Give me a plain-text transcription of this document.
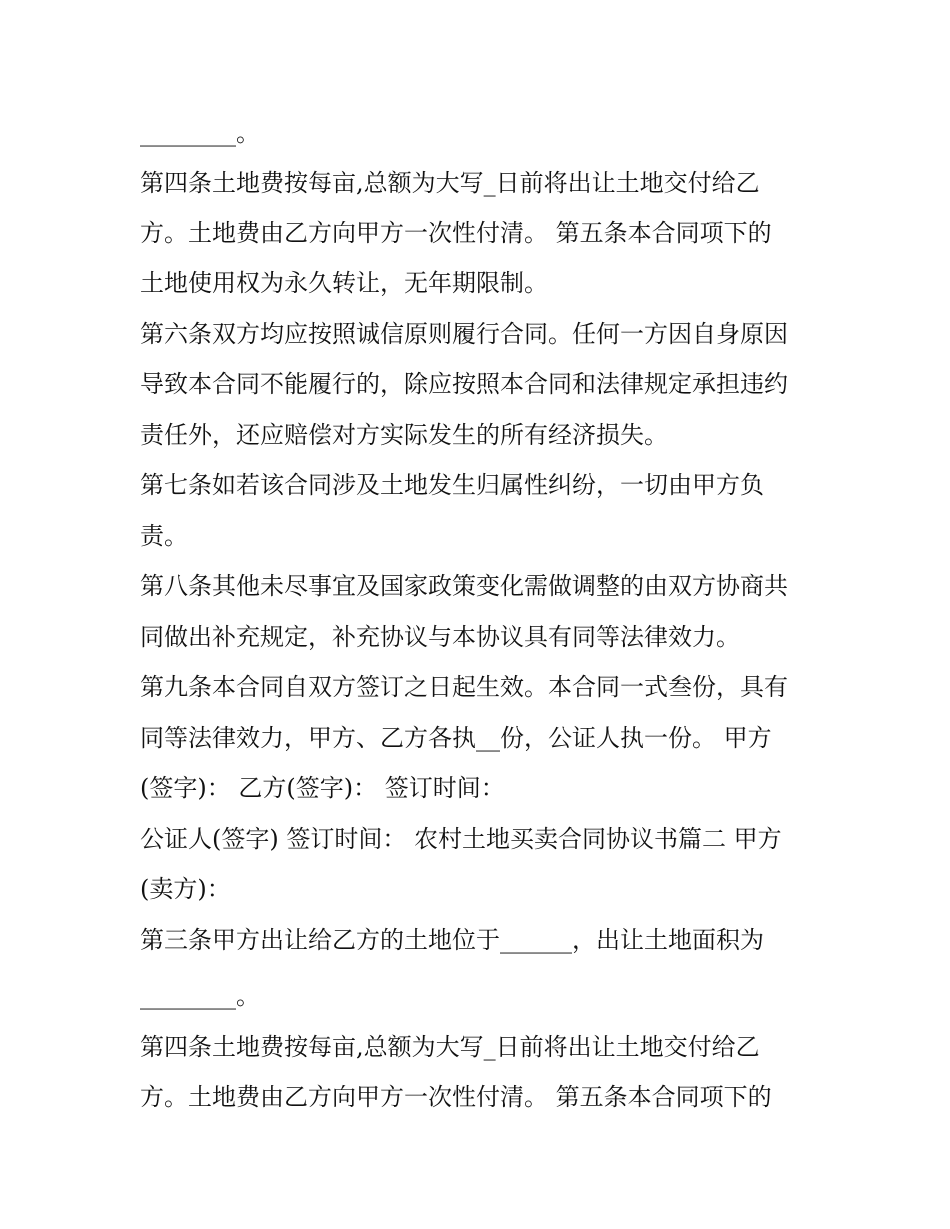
________。

第四条土地费按每亩,总额为大写_日前将出让土地交付给乙

方。土地费由乙方向甲方一次性付清。 第五条本合同项下的

土地使用权为永久转让，无年期限制。

第六条双方均应按照诚信原则履行合同。任何一方因自身原因

导致本合同不能履行的，除应按照本合同和法律规定承担违约

责任外，还应赔偿对方实际发生的所有经济损失。

第七条如若该合同涉及土地发生归属性纠纷，一切由甲方负

责。

第八条其他未尽事宜及国家政策变化需做调整的由双方协商共

同做出补充规定，补充协议与本协议具有同等法律效力。

第九条本合同自双方签订之日起生效。本合同一式叁份，具有

同等法律效力，甲方、乙方各执__份，公证人执一份。 甲方

(签字)： 乙方(签字)： 签订时间：

公证人(签字) 签订时间： 农村土地买卖合同协议书篇二 甲方

(卖方)：

第三条甲方出让给乙方的土地位于______，出让土地面积为

________。

第四条土地费按每亩,总额为大写_日前将出让土地交付给乙

方。土地费由乙方向甲方一次性付清。 第五条本合同项下的
